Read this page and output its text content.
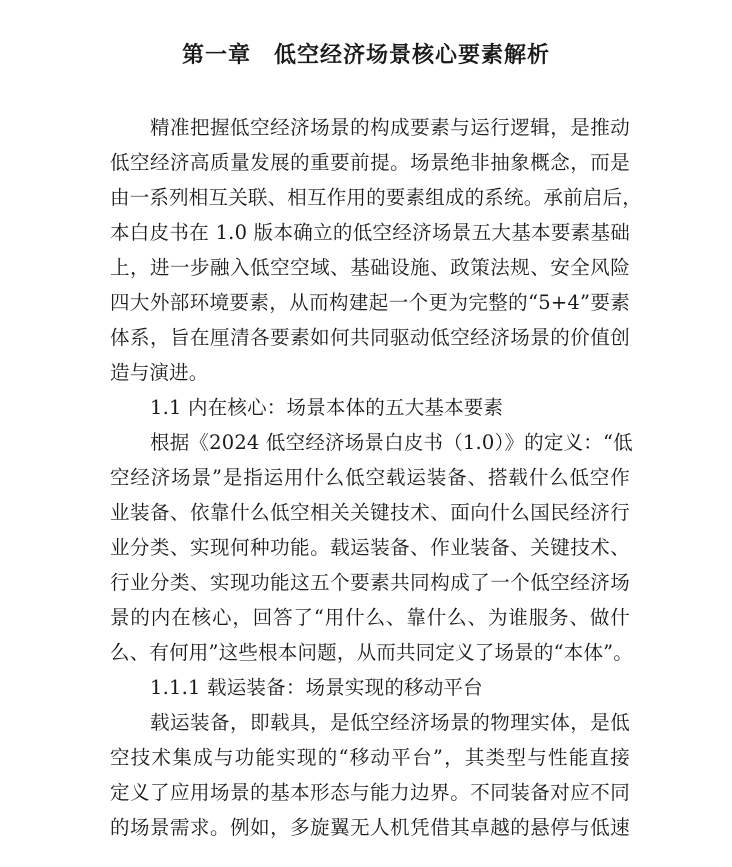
第一章　低空经济场景核心要素解析
精准把握低空经济场景的构成要素与运行逻辑，是推动
低空经济高质量发展的重要前提。场景绝非抽象概念，而是
由一系列相互关联、相互作用的要素组成的系统。承前启后，
本白皮书在 1.0 版本确立的低空经济场景五大基本要素基础
上，进一步融入低空空域、基础设施、政策法规、安全风险
四大外部环境要素，从而构建起一个更为完整的“5+4”要素
体系，旨在厘清各要素如何共同驱动低空经济场景的价值创
造与演进。
1.1 内在核心：场景本体的五大基本要素
根据《2024 低空经济场景白皮书（1.0）》的定义：“低
空经济场景”是指运用什么低空载运装备、搭载什么低空作
业装备、依靠什么低空相关关键技术、面向什么国民经济行
业分类、实现何种功能。载运装备、作业装备、关键技术、
行业分类、实现功能这五个要素共同构成了一个低空经济场
景的内在核心，回答了“用什么、靠什么、为谁服务、做什
么、有何用”这些根本问题，从而共同定义了场景的“本体”。
1.1.1 载运装备：场景实现的移动平台
载运装备，即载具，是低空经济场景的物理实体，是低
空技术集成与功能实现的“移动平台”，其类型与性能直接
定义了应用场景的基本形态与能力边界。不同装备对应不同
的场景需求。例如，多旋翼无人机凭借其卓越的悬停与低速
